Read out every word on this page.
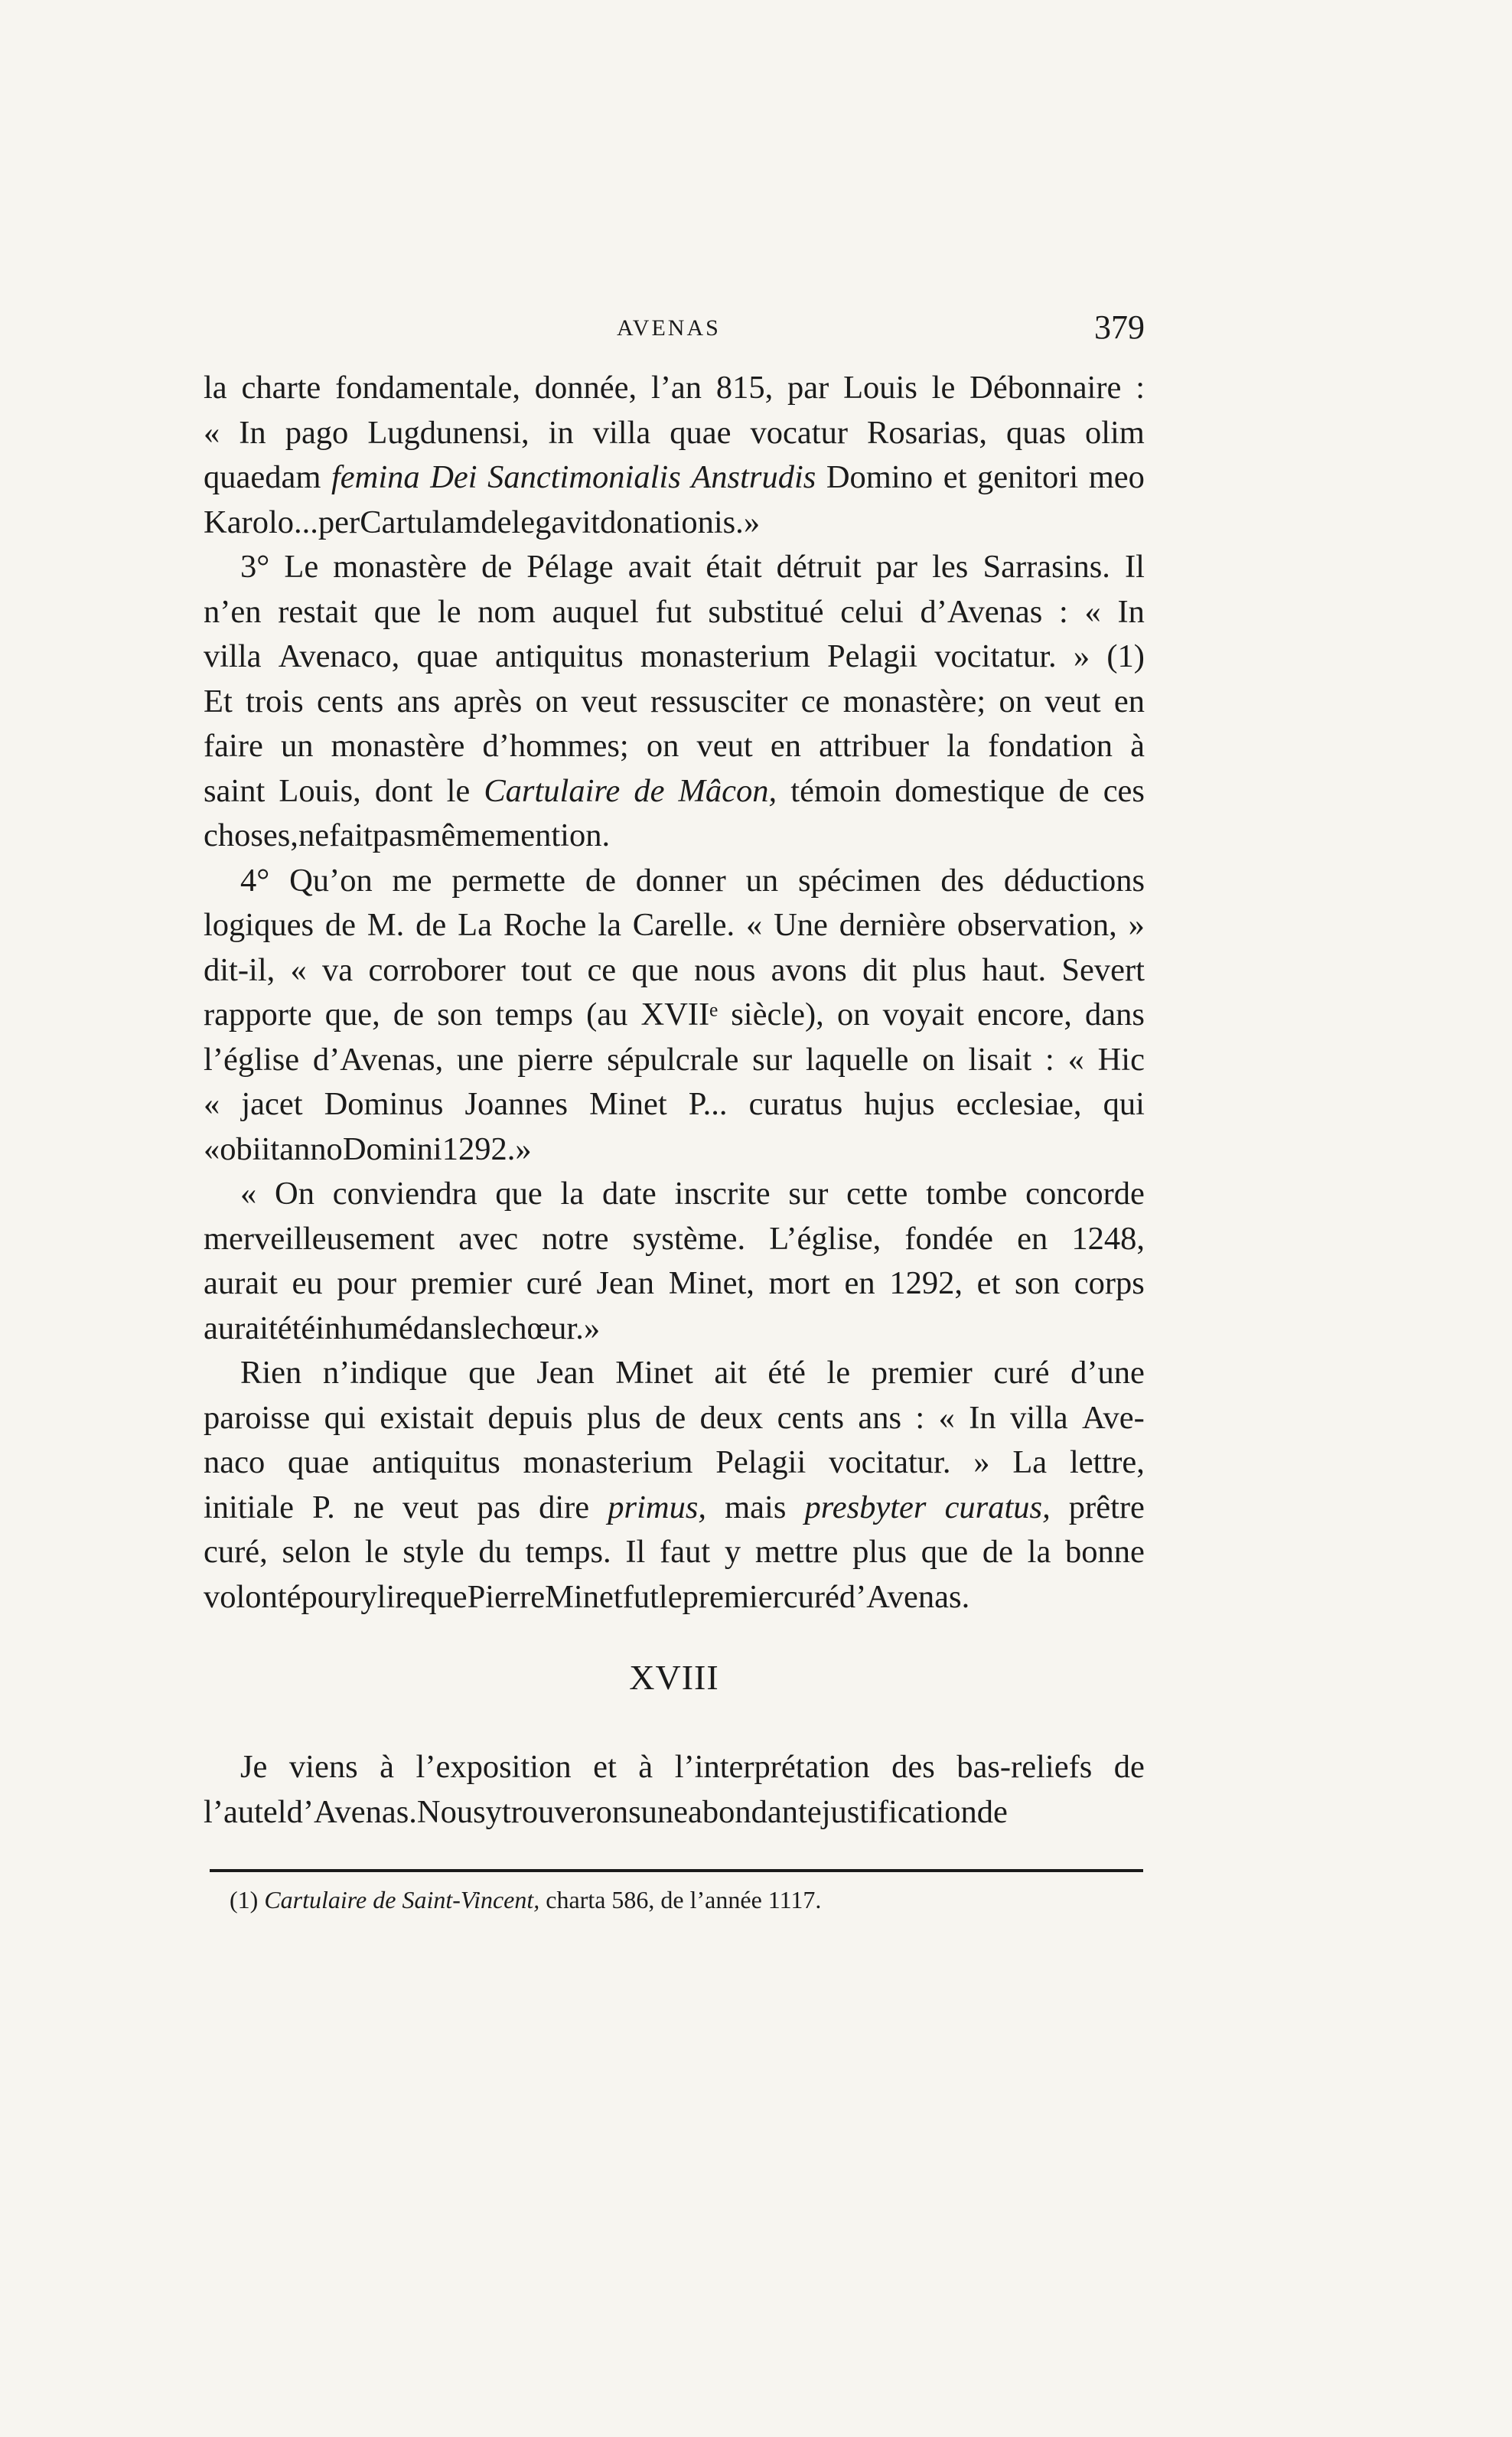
AVENAS	379
la charte fondamentale, donnée, l’an 815, par Louis le Débonnaire :
« In pago Lugdunensi, in villa quae vocatur Rosarias, quas olim
quaedam femina Dei Sanctimonialis Anstrudis Domino et genitori meo
Karolo... per Cartulam delegavit donationis. »
3° Le monastère de Pélage avait était détruit par les Sarrasins. Il
n’en restait que le nom auquel fut substitué celui d’Avenas : « In
villa Avenaco, quae antiquitus monasterium Pelagii vocitatur. » (1)
Et trois cents ans après on veut ressusciter ce monastère; on veut en
faire un monastère d’hommes; on veut en attribuer la fondation à
saint Louis, dont le Cartulaire de Mâcon, témoin domestique de ces
choses, ne fait pas même mention.
4° Qu’on me permette de donner un spécimen des déductions
logiques de M. de La Roche la Carelle. « Une dernière observation, »
dit-il, « va corroborer tout ce que nous avons dit plus haut. Severt
rapporte que, de son temps (au XVIIᵉ siècle), on voyait encore, dans
l’église d’Avenas, une pierre sépulcrale sur laquelle on lisait : « Hic
« jacet Dominus Joannes Minet P... curatus hujus ecclesiae, qui
« obiit anno Domini 1292. »
« On conviendra que la date inscrite sur cette tombe concorde
merveilleusement avec notre système. L’église, fondée en 1248,
aurait eu pour premier curé Jean Minet, mort en 1292, et son corps
aurait été inhumé dans le chœur. »
Rien n’indique que Jean Minet ait été le premier curé d’une
paroisse qui existait depuis plus de deux cents ans : « In villa Ave-
naco quae antiquitus monasterium Pelagii vocitatur. » La lettre,
initiale P. ne veut pas dire primus, mais presbyter curatus, prêtre
curé, selon le style du temps. Il faut y mettre plus que de la bonne
volonté pour y lire que Pierre Minet fut le premier curé d’Avenas.
XVIII
Je viens à l’exposition et à l’interprétation des bas-reliefs de
l’autel d’Avenas. Nous y trouverons une abondante justification de
(1) Cartulaire de Saint-Vincent, charta 586, de l’année 1117.
